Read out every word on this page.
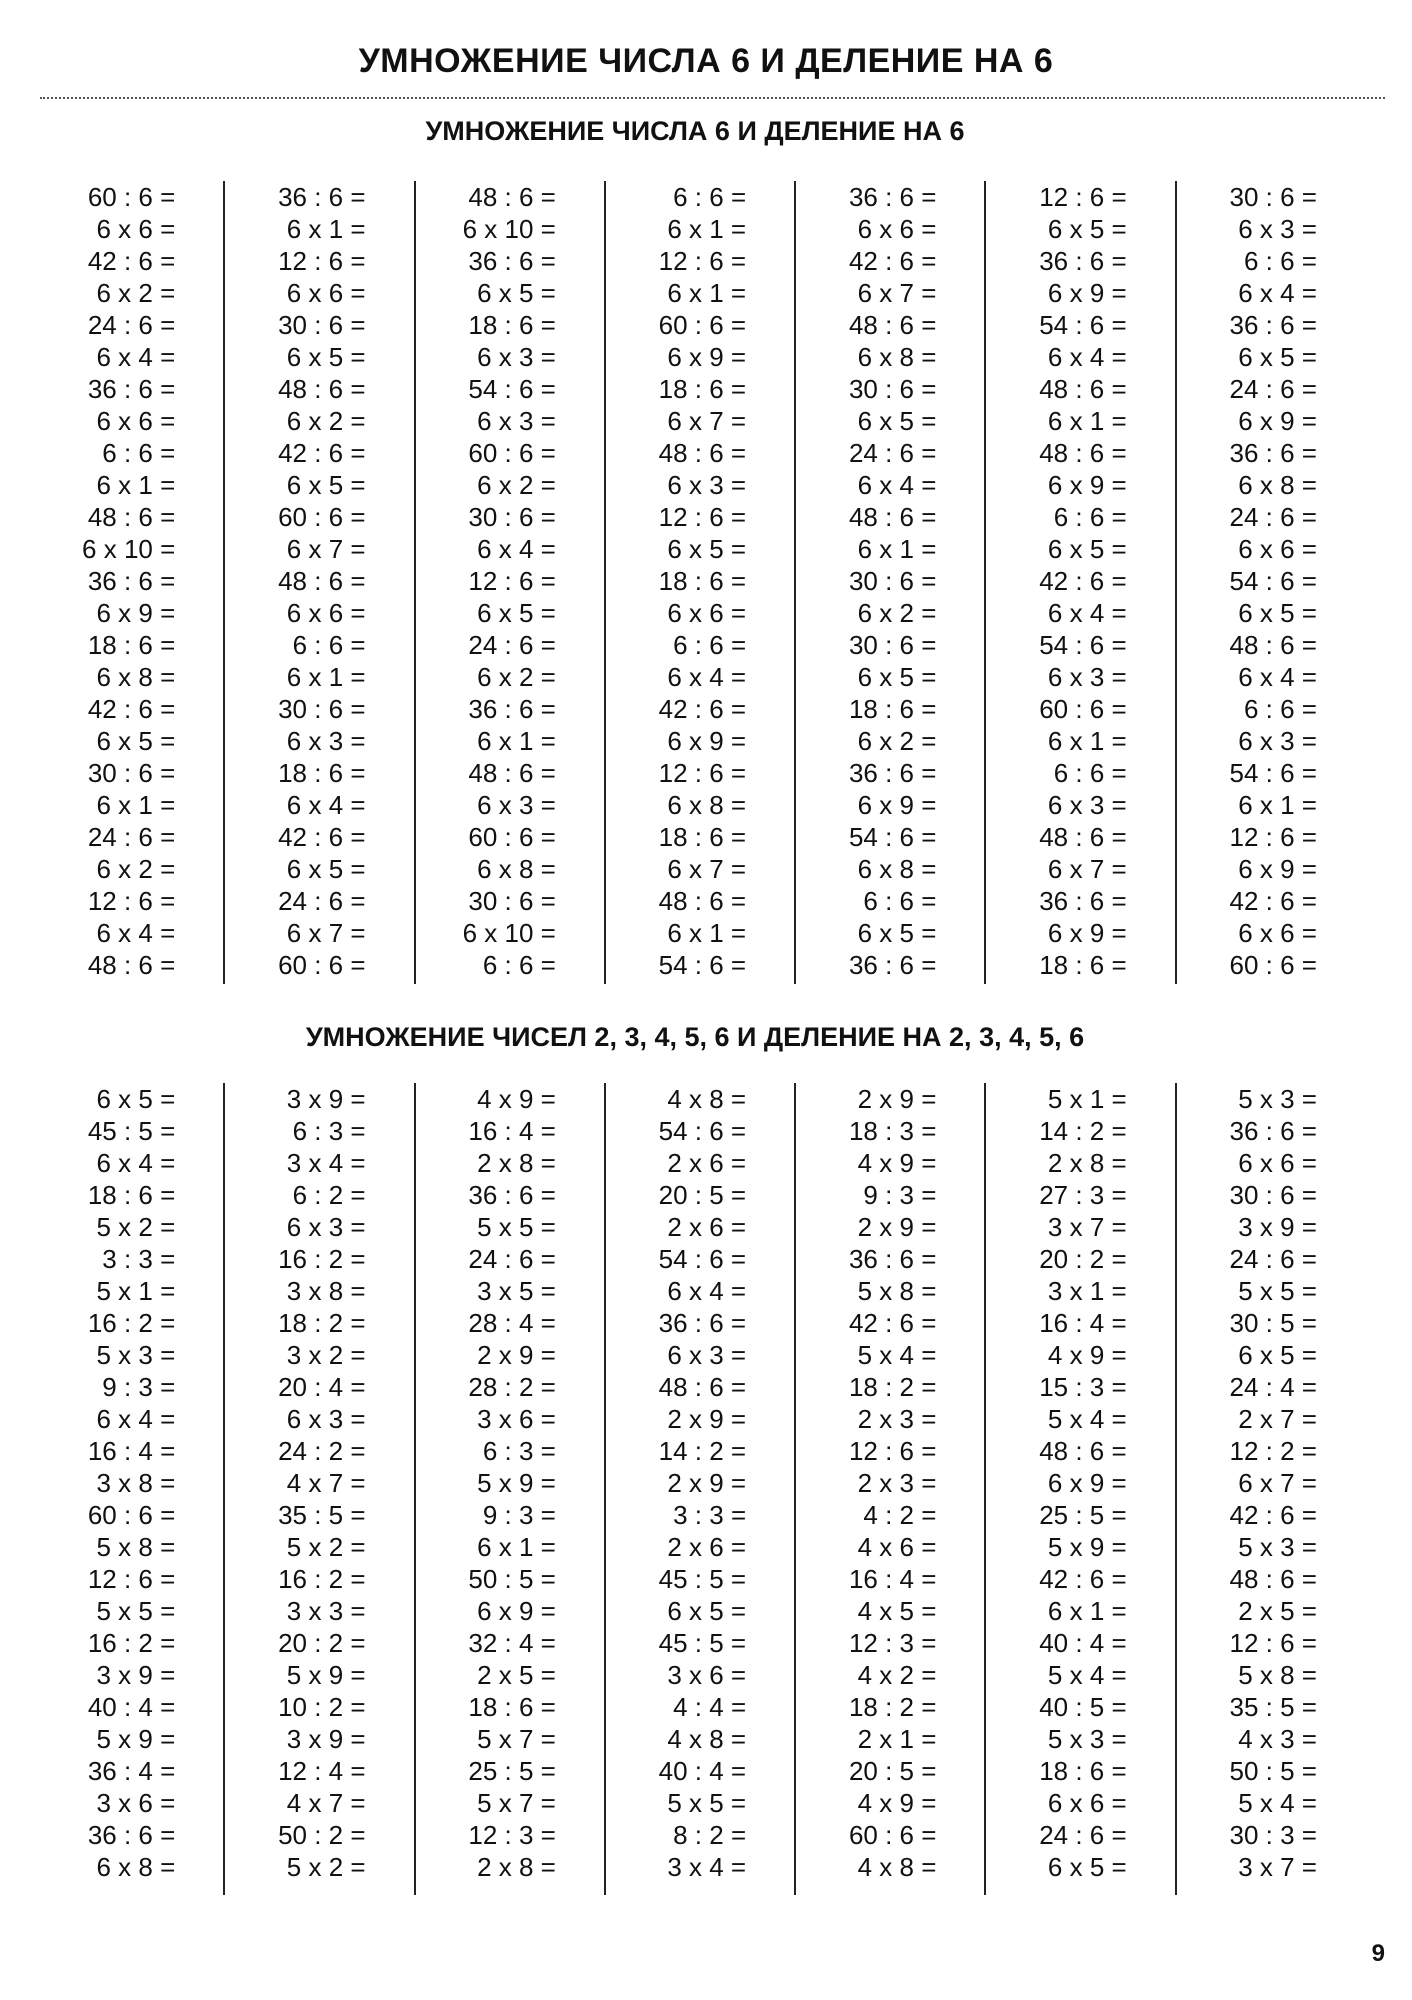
УМНОЖЕНИЕ ЧИСЛА 6 И ДЕЛЕНИЕ НА 6
УМНОЖЕНИЕ ЧИСЛА 6 И ДЕЛЕНИЕ НА 6
60 : 6 =
6 x 6 =
42 : 6 =
6 x 2 =
24 : 6 =
6 x 4 =
36 : 6 =
6 x 6 =
6 : 6 =
6 x 1 =
48 : 6 =
6 x 10 =
36 : 6 =
6 x 9 =
18 : 6 =
6 x 8 =
42 : 6 =
6 x 5 =
30 : 6 =
6 x 1 =
24 : 6 =
6 x 2 =
12 : 6 =
6 x 4 =
48 : 6 =
36 : 6 =
6 x 1 =
12 : 6 =
6 x 6 =
30 : 6 =
6 x 5 =
48 : 6 =
6 x 2 =
42 : 6 =
6 x 5 =
60 : 6 =
6 x 7 =
48 : 6 =
6 x 6 =
6 : 6 =
6 x 1 =
30 : 6 =
6 x 3 =
18 : 6 =
6 x 4 =
42 : 6 =
6 x 5 =
24 : 6 =
6 x 7 =
60 : 6 =
48 : 6 =
6 x 10 =
36 : 6 =
6 x 5 =
18 : 6 =
6 x 3 =
54 : 6 =
6 x 3 =
60 : 6 =
6 x 2 =
30 : 6 =
6 x 4 =
12 : 6 =
6 x 5 =
24 : 6 =
6 x 2 =
36 : 6 =
6 x 1 =
48 : 6 =
6 x 3 =
60 : 6 =
6 x 8 =
30 : 6 =
6 x 10 =
6 : 6 =
6 : 6 =
6 x 1 =
12 : 6 =
6 x 1 =
60 : 6 =
6 x 9 =
18 : 6 =
6 x 7 =
48 : 6 =
6 x 3 =
12 : 6 =
6 x 5 =
18 : 6 =
6 x 6 =
6 : 6 =
6 x 4 =
42 : 6 =
6 x 9 =
12 : 6 =
6 x 8 =
18 : 6 =
6 x 7 =
48 : 6 =
6 x 1 =
54 : 6 =
36 : 6 =
6 x 6 =
42 : 6 =
6 x 7 =
48 : 6 =
6 x 8 =
30 : 6 =
6 x 5 =
24 : 6 =
6 x 4 =
48 : 6 =
6 x 1 =
30 : 6 =
6 x 2 =
30 : 6 =
6 x 5 =
18 : 6 =
6 x 2 =
36 : 6 =
6 x 9 =
54 : 6 =
6 x 8 =
6 : 6 =
6 x 5 =
36 : 6 =
12 : 6 =
6 x 5 =
36 : 6 =
6 x 9 =
54 : 6 =
6 x 4 =
48 : 6 =
6 x 1 =
48 : 6 =
6 x 9 =
6 : 6 =
6 x 5 =
42 : 6 =
6 x 4 =
54 : 6 =
6 x 3 =
60 : 6 =
6 x 1 =
6 : 6 =
6 x 3 =
48 : 6 =
6 x 7 =
36 : 6 =
6 x 9 =
18 : 6 =
30 : 6 =
6 x 3 =
6 : 6 =
6 x 4 =
36 : 6 =
6 x 5 =
24 : 6 =
6 x 9 =
36 : 6 =
6 x 8 =
24 : 6 =
6 x 6 =
54 : 6 =
6 x 5 =
48 : 6 =
6 x 4 =
6 : 6 =
6 x 3 =
54 : 6 =
6 x 1 =
12 : 6 =
6 x 9 =
42 : 6 =
6 x 6 =
60 : 6 =
УМНОЖЕНИЕ ЧИСЕЛ 2, 3, 4, 5, 6 И ДЕЛЕНИЕ НА 2, 3, 4, 5, 6
6 x 5 =
45 : 5 =
6 x 4 =
18 : 6 =
5 x 2 =
3 : 3 =
5 x 1 =
16 : 2 =
5 x 3 =
9 : 3 =
6 x 4 =
16 : 4 =
3 x 8 =
60 : 6 =
5 x 8 =
12 : 6 =
5 x 5 =
16 : 2 =
3 x 9 =
40 : 4 =
5 x 9 =
36 : 4 =
3 x 6 =
36 : 6 =
6 x 8 =
3 x 9 =
6 : 3 =
3 x 4 =
6 : 2 =
6 x 3 =
16 : 2 =
3 x 8 =
18 : 2 =
3 x 2 =
20 : 4 =
6 x 3 =
24 : 2 =
4 x 7 =
35 : 5 =
5 x 2 =
16 : 2 =
3 x 3 =
20 : 2 =
5 x 9 =
10 : 2 =
3 x 9 =
12 : 4 =
4 x 7 =
50 : 2 =
5 x 2 =
4 x 9 =
16 : 4 =
2 x 8 =
36 : 6 =
5 x 5 =
24 : 6 =
3 x 5 =
28 : 4 =
2 x 9 =
28 : 2 =
3 x 6 =
6 : 3 =
5 x 9 =
9 : 3 =
6 x 1 =
50 : 5 =
6 x 9 =
32 : 4 =
2 x 5 =
18 : 6 =
5 x 7 =
25 : 5 =
5 x 7 =
12 : 3 =
2 x 8 =
4 x 8 =
54 : 6 =
2 x 6 =
20 : 5 =
2 x 6 =
54 : 6 =
6 x 4 =
36 : 6 =
6 x 3 =
48 : 6 =
2 x 9 =
14 : 2 =
2 x 9 =
3 : 3 =
2 x 6 =
45 : 5 =
6 x 5 =
45 : 5 =
3 x 6 =
4 : 4 =
4 x 8 =
40 : 4 =
5 x 5 =
8 : 2 =
3 x 4 =
2 x 9 =
18 : 3 =
4 x 9 =
9 : 3 =
2 x 9 =
36 : 6 =
5 x 8 =
42 : 6 =
5 x 4 =
18 : 2 =
2 x 3 =
12 : 6 =
2 x 3 =
4 : 2 =
4 x 6 =
16 : 4 =
4 x 5 =
12 : 3 =
4 x 2 =
18 : 2 =
2 x 1 =
20 : 5 =
4 x 9 =
60 : 6 =
4 x 8 =
5 x 1 =
14 : 2 =
2 x 8 =
27 : 3 =
3 x 7 =
20 : 2 =
3 x 1 =
16 : 4 =
4 x 9 =
15 : 3 =
5 x 4 =
48 : 6 =
6 x 9 =
25 : 5 =
5 x 9 =
42 : 6 =
6 x 1 =
40 : 4 =
5 x 4 =
40 : 5 =
5 x 3 =
18 : 6 =
6 x 6 =
24 : 6 =
6 x 5 =
5 x 3 =
36 : 6 =
6 x 6 =
30 : 6 =
3 x 9 =
24 : 6 =
5 x 5 =
30 : 5 =
6 x 5 =
24 : 4 =
2 x 7 =
12 : 2 =
6 x 7 =
42 : 6 =
5 x 3 =
48 : 6 =
2 x 5 =
12 : 6 =
5 x 8 =
35 : 5 =
4 x 3 =
50 : 5 =
5 x 4 =
30 : 3 =
3 x 7 =
9
